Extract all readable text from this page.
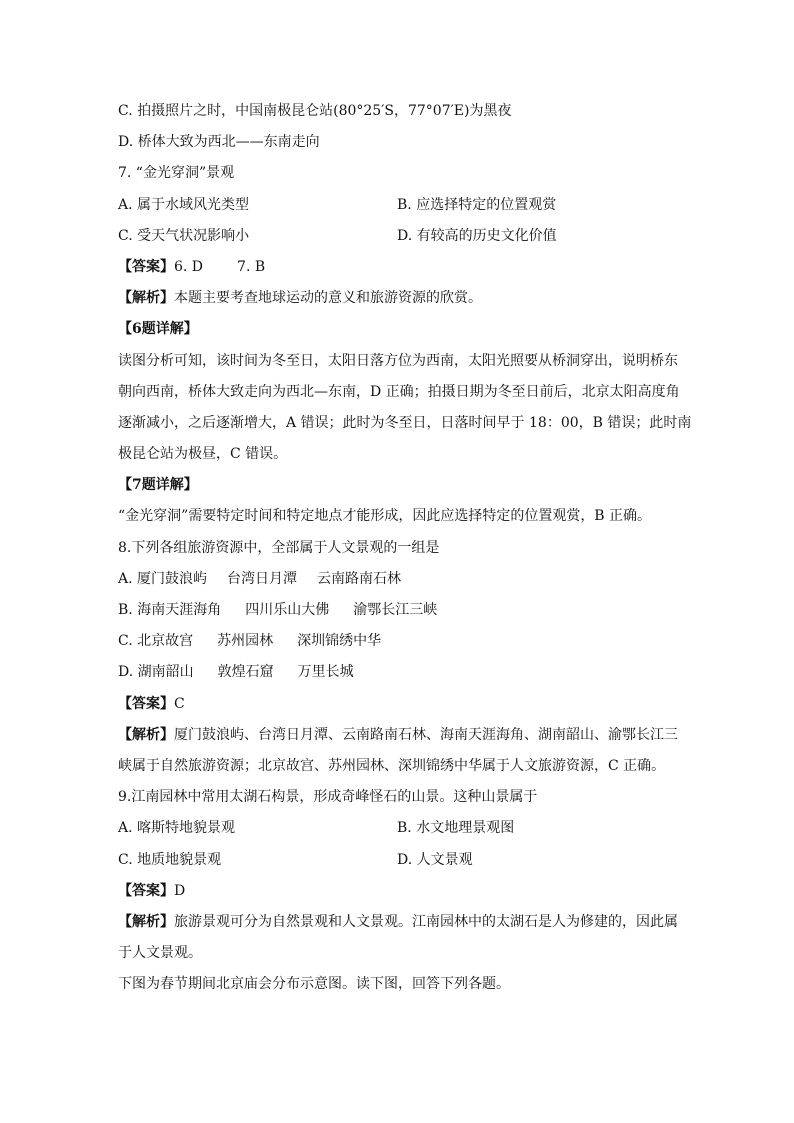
C. 拍摄照片之时，中国南极昆仑站(80°25′S，77°07′E)为黑夜
D. 桥体大致为西北——东南走向
7. “金光穿洞”景观
A. 属于水域风光类型	B. 应选择特定的位置观赏
C. 受天气状况影响小	D. 有较高的历史文化价值
【答案】6. D 7. B
【解析】本题主要考查地球运动的意义和旅游资源的欣赏。
【6题详解】
读图分析可知，该时间为冬至日，太阳日落方位为西南，太阳光照要从桥洞穿出，说明桥东
朝向西南，桥体大致走向为西北—东南，D 正确；拍摄日期为冬至日前后，北京太阳高度角
逐渐减小，之后逐渐增大，A 错误；此时为冬至日，日落时间早于 18：00，B 错误；此时南
极昆仑站为极昼，C 错误。
【7题详解】
“金光穿洞”需要特定时间和特定地点才能形成，因此应选择特定的位置观赏，B 正确。
8.下列各组旅游资源中，全部属于人文景观的一组是
A. 厦门鼓浪屿 台湾日月潭 云南路南石林
B. 海南天涯海角 四川乐山大佛 渝鄂长江三峡
C. 北京故宫 苏州园林 深圳锦绣中华
D. 湖南韶山 敦煌石窟 万里长城
【答案】C
【解析】厦门鼓浪屿、台湾日月潭、云南路南石林、海南天涯海角、湖南韶山、渝鄂长江三
峡属于自然旅游资源；北京故宫、苏州园林、深圳锦绣中华属于人文旅游资源，C 正确。
9.江南园林中常用太湖石构景，形成奇峰怪石的山景。这种山景属于
A. 喀斯特地貌景观	B. 水文地理景观图
C. 地质地貌景观	D. 人文景观
【答案】D
【解析】旅游景观可分为自然景观和人文景观。江南园林中的太湖石是人为修建的，因此属
于人文景观。
下图为春节期间北京庙会分布示意图。读下图，回答下列各题。
